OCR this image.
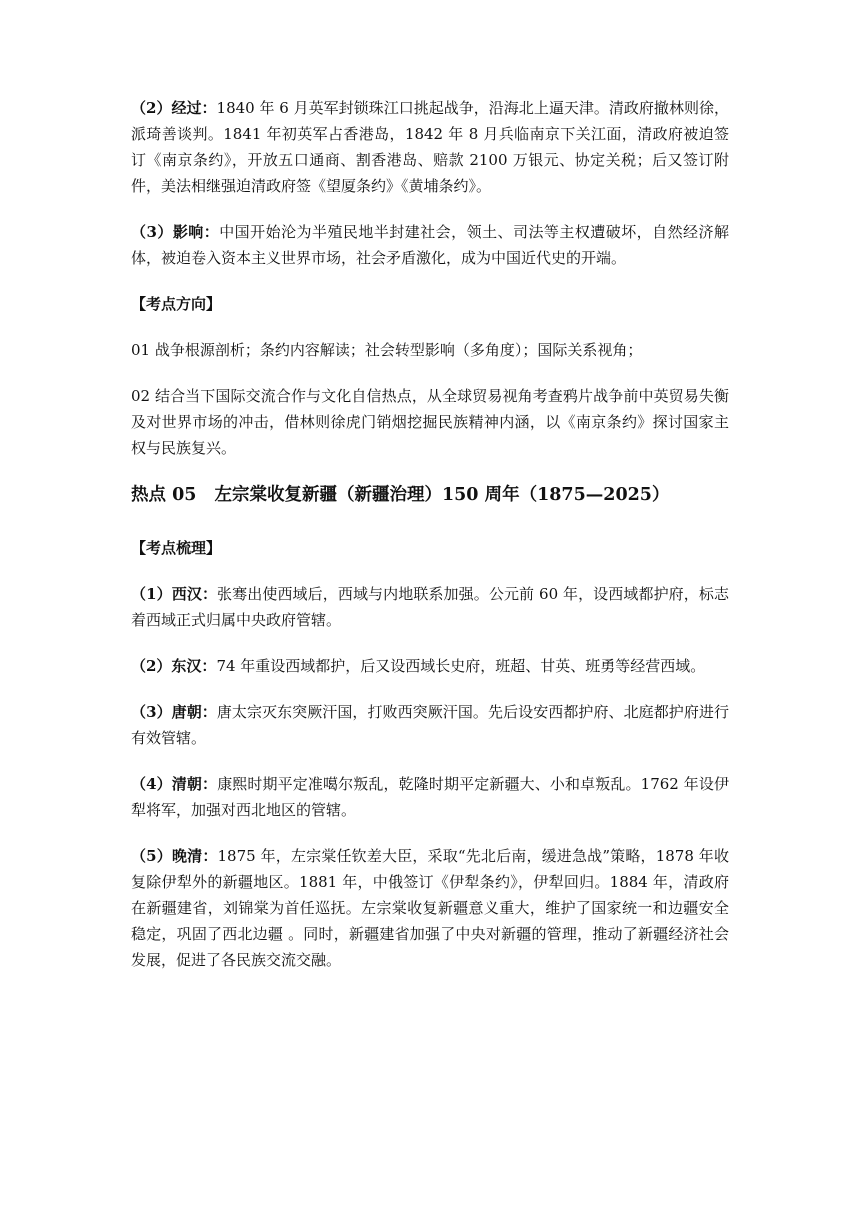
（2）经过：1840 年 6 月英军封锁珠江口挑起战争，沿海北上逼天津。清政府撤林则徐，派琦善谈判。1841 年初英军占香港岛，1842 年 8 月兵临南京下关江面，清政府被迫签订《南京条约》，开放五口通商、割香港岛、赔款 2100 万银元、协定关税；后又签订附件，美法相继强迫清政府签《望厦条约》《黄埔条约》。

（3）影响：中国开始沦为半殖民地半封建社会，领土、司法等主权遭破坏，自然经济解体，被迫卷入资本主义世界市场，社会矛盾激化，成为中国近代史的开端。

【考点方向】

01 战争根源剖析；条约内容解读；社会转型影响（多角度）；国际关系视角；

02 结合当下国际交流合作与文化自信热点，从全球贸易视角考查鸦片战争前中英贸易失衡及对世界市场的冲击，借林则徐虎门销烟挖掘民族精神内涵，以《南京条约》探讨国家主权与民族复兴。

热点 05 左宗棠收复新疆（新疆治理）150 周年（1875—2025）

【考点梳理】

（1）西汉：张骞出使西域后，西域与内地联系加强。公元前 60 年，设西域都护府，标志着西域正式归属中央政府管辖。

（2）东汉：74 年重设西域都护，后又设西域长史府，班超、甘英、班勇等经营西域。

（3）唐朝：唐太宗灭东突厥汗国，打败西突厥汗国。先后设安西都护府、北庭都护府进行有效管辖。

（4）清朝：康熙时期平定准噶尔叛乱，乾隆时期平定新疆大、小和卓叛乱。1762 年设伊犁将军，加强对西北地区的管辖。

（5）晚清：1875 年，左宗棠任钦差大臣，采取“先北后南，缓进急战”策略，1878 年收复除伊犁外的新疆地区。1881 年，中俄签订《伊犁条约》，伊犁回归。1884 年，清政府在新疆建省，刘锦棠为首任巡抚。左宗棠收复新疆意义重大，维护了国家统一和边疆安全稳定，巩固了西北边疆 。同时，新疆建省加强了中央对新疆的管理，推动了新疆经济社会发展，促进了各民族交流交融。
